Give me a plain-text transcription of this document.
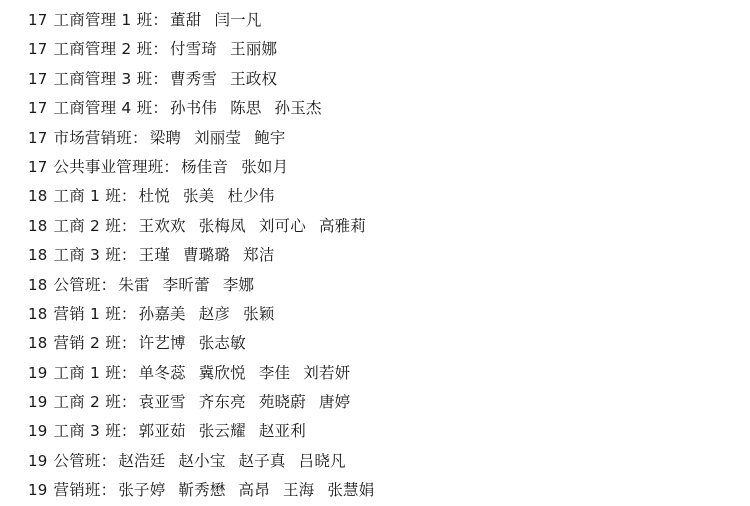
17 工商管理 1 班： 董甜 闫一凡
17 工商管理 2 班： 付雪琦 王丽娜
17 工商管理 3 班： 曹秀雪 王政权
17 工商管理 4 班： 孙书伟 陈思 孙玉杰
17 市场营销班： 梁聘 刘丽莹 鲍宇
17 公共事业管理班： 杨佳音 张如月
18 工商 1 班： 杜悦 张美 杜少伟
18 工商 2 班： 王欢欢 张梅凤 刘可心 高雅莉
18 工商 3 班： 王瑾 曹璐璐 郑洁
18 公管班： 朱雷 李昕蕾 李娜
18 营销 1 班： 孙嘉美 赵彦 张颖
18 营销 2 班： 许艺博 张志敏
19 工商 1 班： 单冬蕊 冀欣悦 李佳 刘若妍
19 工商 2 班： 袁亚雪 齐东亮 苑晓蔚 唐婷
19 工商 3 班： 郭亚茹 张云耀 赵亚利
19 公管班： 赵浩廷 赵小宝 赵子真 吕晓凡
19 营销班： 张子婷 靳秀懋 高昂 王海 张慧娟
